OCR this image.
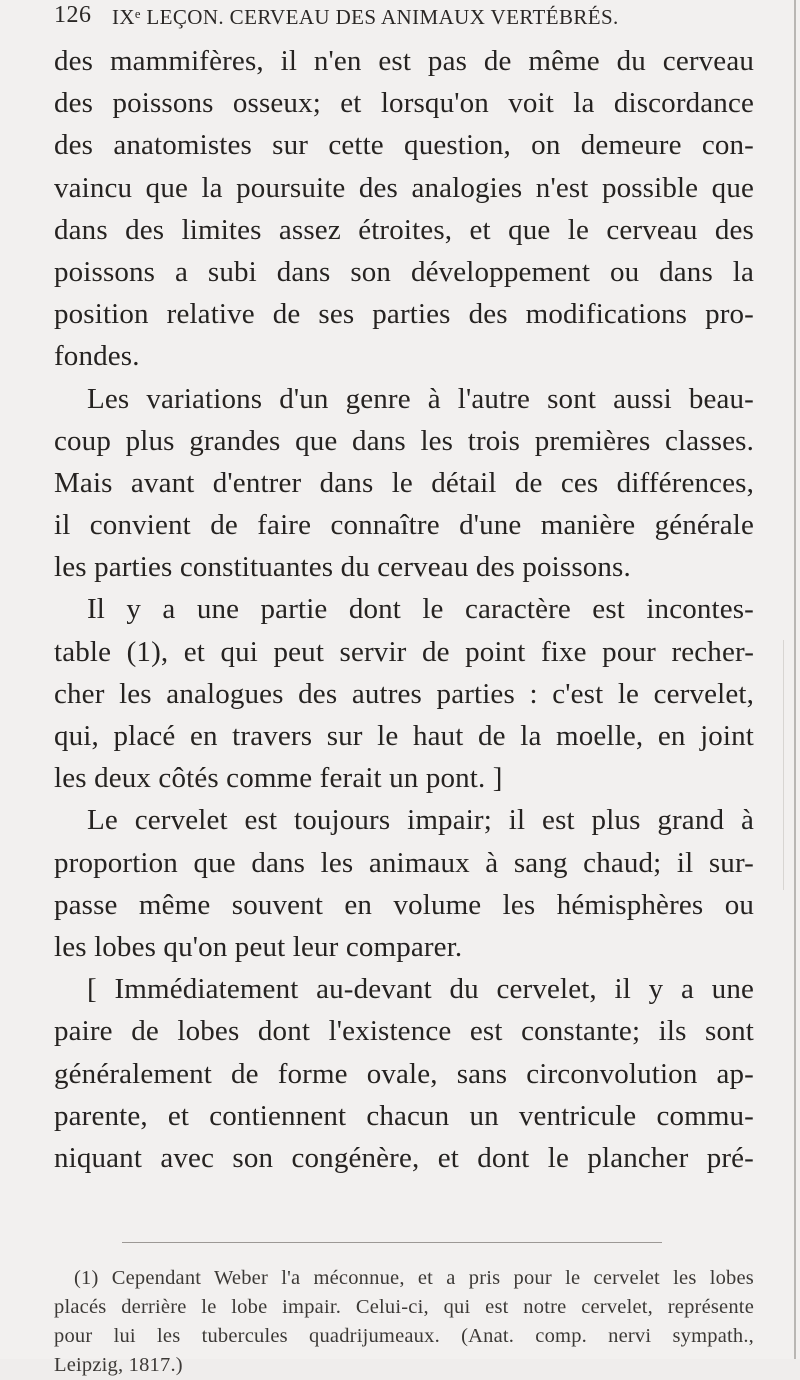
126 IXᵉ LEÇON. CERVEAU DES ANIMAUX VERTÉBRÉS.
des mammifères, il n'en est pas de même du cerveau
des poissons osseux; et lorsqu'on voit la discordance
des anatomistes sur cette question, on demeure con-
vaincu que la poursuite des analogies n'est possible que
dans des limites assez étroites, et que le cerveau des
poissons a subi dans son développement ou dans la
position relative de ses parties des modifications pro-
fondes.
Les variations d'un genre à l'autre sont aussi beau-
coup plus grandes que dans les trois premières classes.
Mais avant d'entrer dans le détail de ces différences,
il convient de faire connaître d'une manière générale
les parties constituantes du cerveau des poissons.
Il y a une partie dont le caractère est incontes-
table (1), et qui peut servir de point fixe pour recher-
cher les analogues des autres parties : c'est le cervelet,
qui, placé en travers sur le haut de la moelle, en joint
les deux côtés comme ferait un pont. ]
Le cervelet est toujours impair; il est plus grand à
proportion que dans les animaux à sang chaud; il sur-
passe même souvent en volume les hémisphères ou
les lobes qu'on peut leur comparer.
[ Immédiatement au-devant du cervelet, il y a une
paire de lobes dont l'existence est constante; ils sont
généralement de forme ovale, sans circonvolution ap-
parente, et contiennent chacun un ventricule commu-
niquant avec son congénère, et dont le plancher pré-
(1) Cependant Weber l'a méconnue, et a pris pour le cervelet les lobes
placés derrière le lobe impair. Celui-ci, qui est notre cervelet, représente
pour lui les tubercules quadrijumeaux. (Anat. comp. nervi sympath.,
Leipzig, 1817.)
